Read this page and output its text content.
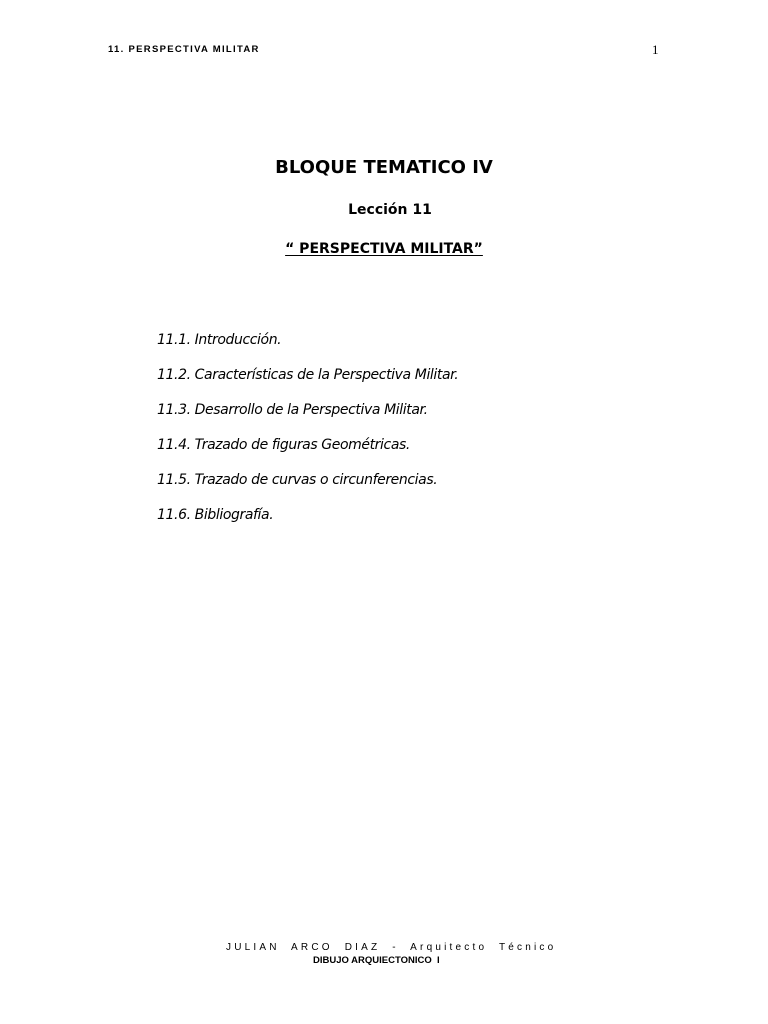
11. PERSPECTIVA MILITAR	1
BLOQUE TEMATICO IV
Lección 11
“ PERSPECTIVA MILITAR”
11.1. Introducción.
11.2. Características de la Perspectiva Militar.
11.3. Desarrollo de la Perspectiva Militar.
11.4. Trazado de figuras Geométricas.
11.5. Trazado de curvas o circunferencias.
11.6. Bibliografía.
JULIAN  ARCO  DIAZ  -  Arquitecto  Técnico
DIBUJO ARQUIECTONICO  I
